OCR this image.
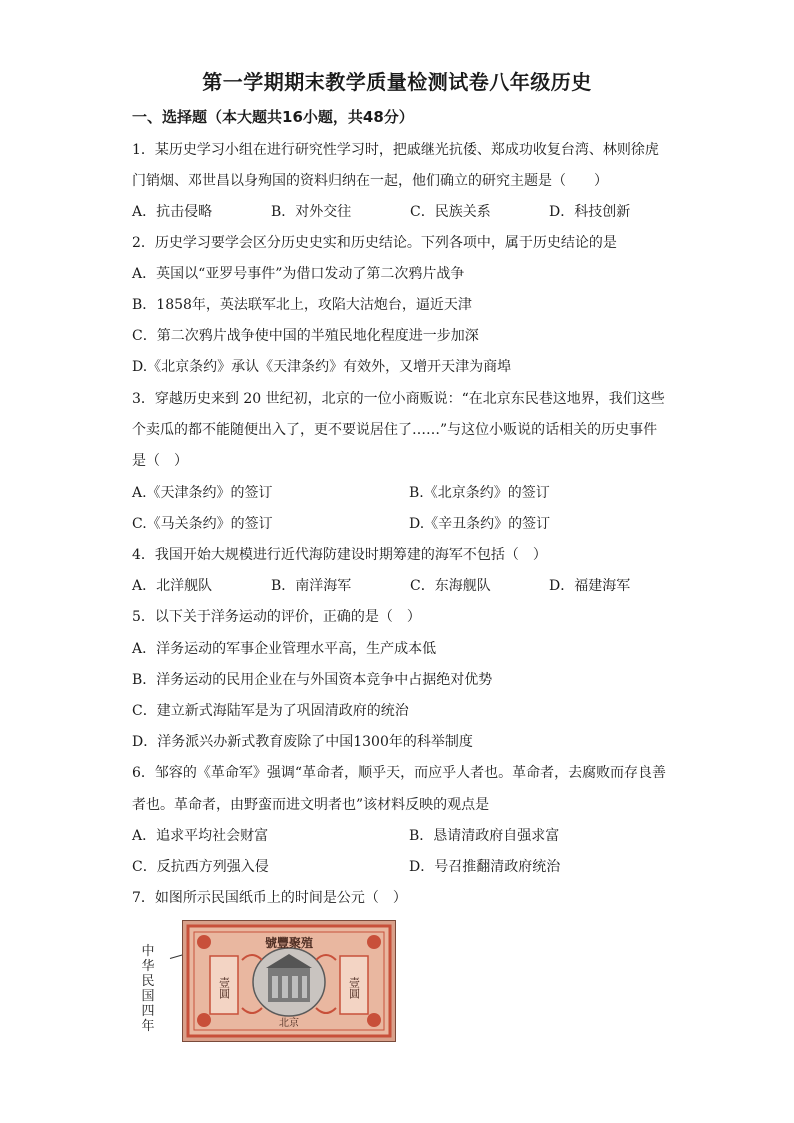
第一学期期末教学质量检测试卷八年级历史
一、选择题（本大题共16小题，共48分）
1．某历史学习小组在进行研究性学习时，把戚继光抗倭、郑成功收复台湾、林则徐虎
门销烟、邓世昌以身殉国的资料归纳在一起，他们确立的研究主题是（　　）
A．抗击侵略	B．对外交往	C．民族关系	D．科技创新
2．历史学习要学会区分历史史实和历史结论。下列各项中，属于历史结论的是
A．英国以“亚罗号事件”为借口发动了第二次鸦片战争
B．1858年，英法联军北上，攻陷大沽炮台，逼近天津
C．第二次鸦片战争使中国的半殖民地化程度进一步加深
D.《北京条约》承认《天津条约》有效外，又增开天津为商埠
3．穿越历史来到 20 世纪初，北京的一位小商贩说：“在北京东民巷这地界，我们这些
个卖瓜的都不能随便出入了，更不要说居住了……”与这位小贩说的话相关的历史事件
是（　）
A.《天津条约》的签订	B.《北京条约》的签订
C.《马关条约》的签订	D.《辛丑条约》的签订
4．我国开始大规模进行近代海防建设时期筹建的海军不包括（　）
A．北洋舰队	B．南洋海军	C．东海舰队	D．福建海军
5．以下关于洋务运动的评价，正确的是（　）
A．洋务运动的军事企业管理水平高，生产成本低
B．洋务运动的民用企业在与外国资本竞争中占据绝对优势
C．建立新式海陆军是为了巩固清政府的统治
D．洋务派兴办新式教育废除了中国1300年的科举制度
6．邹容的《革命军》强调“革命者，顺乎天，而应乎人者也。革命者，去腐败而存良善
者也。革命者，由野蛮而进文明者也”该材料反映的观点是
A．追求平均社会财富	B．恳请清政府自强求富
C．反抗西方列强入侵	D．号召推翻清政府统治
7．如图所示民国纸币上的时间是公元（　）
中华民国四年
號豐聚殖
壹圓	壹圓
北京
